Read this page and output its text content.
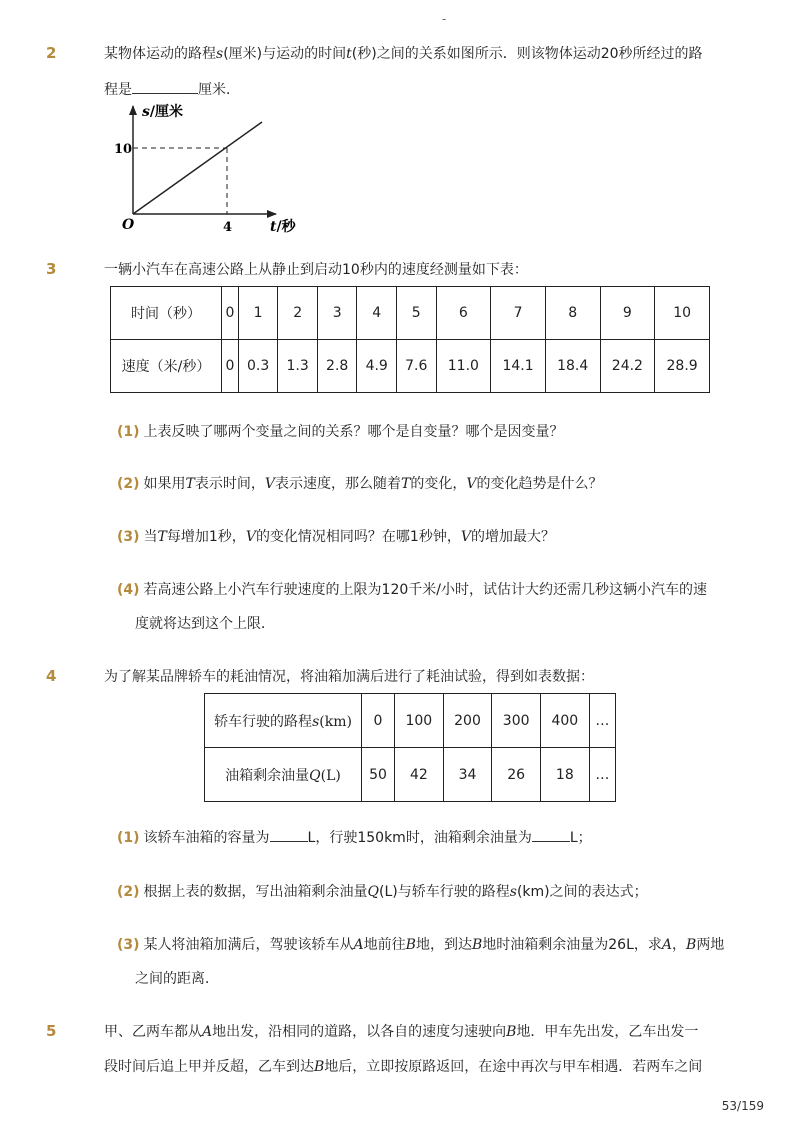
-
2	某物体运动的路程s(厘米)与运动的时间t(秒)之间的关系如图所示．则该物体运动20秒所经过的路
程是	厘米．
s/厘米
10
O	4	t/秒
3	一辆小汽车在高速公路上从静止到启动10秒内的速度经测量如下表：
时间（秒）	0	1	2	3	4	5	6	7	8	9	10
速度（米/秒）	0	0.3	1.3	2.8	4.9	7.6	11.0	14.1	18.4	24.2	28.9
(1) 上表反映了哪两个变量之间的关系？哪个是自变量？哪个是因变量？
(2) 如果用T表示时间，V表示速度，那么随着T的变化，V的变化趋势是什么？
(3) 当T每增加1秒，V的变化情况相同吗？在哪1秒钟，V的增加最大？
(4) 若高速公路上小汽车行驶速度的上限为120千米/小时，试估计大约还需几秒这辆小汽车的速
度就将达到这个上限．
4	为了解某品牌轿车的耗油情况，将油箱加满后进行了耗油试验，得到如表数据：
轿车行驶的路程s(km)	0	100	200	300	400	…
油箱剩余油量Q(L)	50	42	34	26	18	…
(1) 该轿车油箱的容量为	L，行驶150km时，油箱剩余油量为	L；
(2) 根据上表的数据，写出油箱剩余油量Q(L)与轿车行驶的路程s(km)之间的表达式；
(3) 某人将油箱加满后，驾驶该轿车从A地前往B地，到达B地时油箱剩余油量为26L，求A，B两地
之间的距离．
5	甲、乙两车都从A地出发，沿相同的道路，以各自的速度匀速驶向B地．甲车先出发，乙车出发一
段时间后追上甲并反超，乙车到达B地后，立即按原路返回，在途中再次与甲车相遇．若两车之间
53/159
